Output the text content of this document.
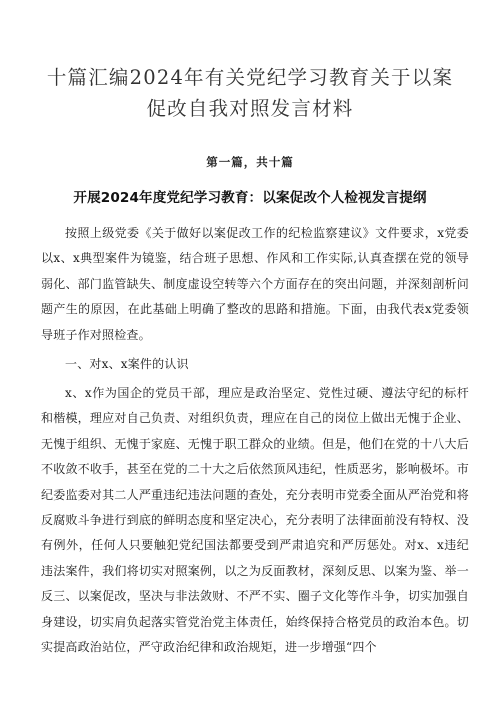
十篇汇编2024年有关党纪学习教育关于以案促改自我对照发言材料
第一篇，共十篇
开展2024年度党纪学习教育：以案促改个人检视发言提纲

按照上级党委《关于做好以案促改工作的纪检监察建议》文件要求，x党委以x、x典型案件为镜鉴，结合班子思想、作风和工作实际,认真查摆在党的领导弱化、部门监管缺失、制度虚设空转等六个方面存在的突出问题，并深刻剖析问题产生的原因，在此基础上明确了整改的思路和措施。下面，由我代表x党委领导班子作对照检查。

一、对x、x案件的认识

x、x作为国企的党员干部，理应是政治坚定、党性过硬、遵法守纪的标杆和楷模，理应对自己负责、对组织负责，理应在自己的岗位上做出无愧于企业、无愧于组织、无愧于家庭、无愧于职工群众的业绩。但是，他们在党的十八大后不收敛不收手，甚至在党的二十大之后依然顶风违纪，性质恶劣，影响极坏。市纪委监委对其二人严重违纪违法问题的查处，充分表明市党委全面从严治党和将反腐败斗争进行到底的鲜明态度和坚定决心，充分表明了法律面前没有特权、没有例外，任何人只要触犯党纪国法都要受到严肃追究和严厉惩处。对x、x违纪违法案件，我们将切实对照案例，以之为反面教材，深刻反思、以案为鉴、举一反三、以案促改，坚决与非法敛财、不严不实、圈子文化等作斗争，切实加强自身建设，切实肩负起落实管党治党主体责任，始终保持合格党员的政治本色。切实提高政治站位，严守政治纪律和政治规矩，进一步增强“四个
